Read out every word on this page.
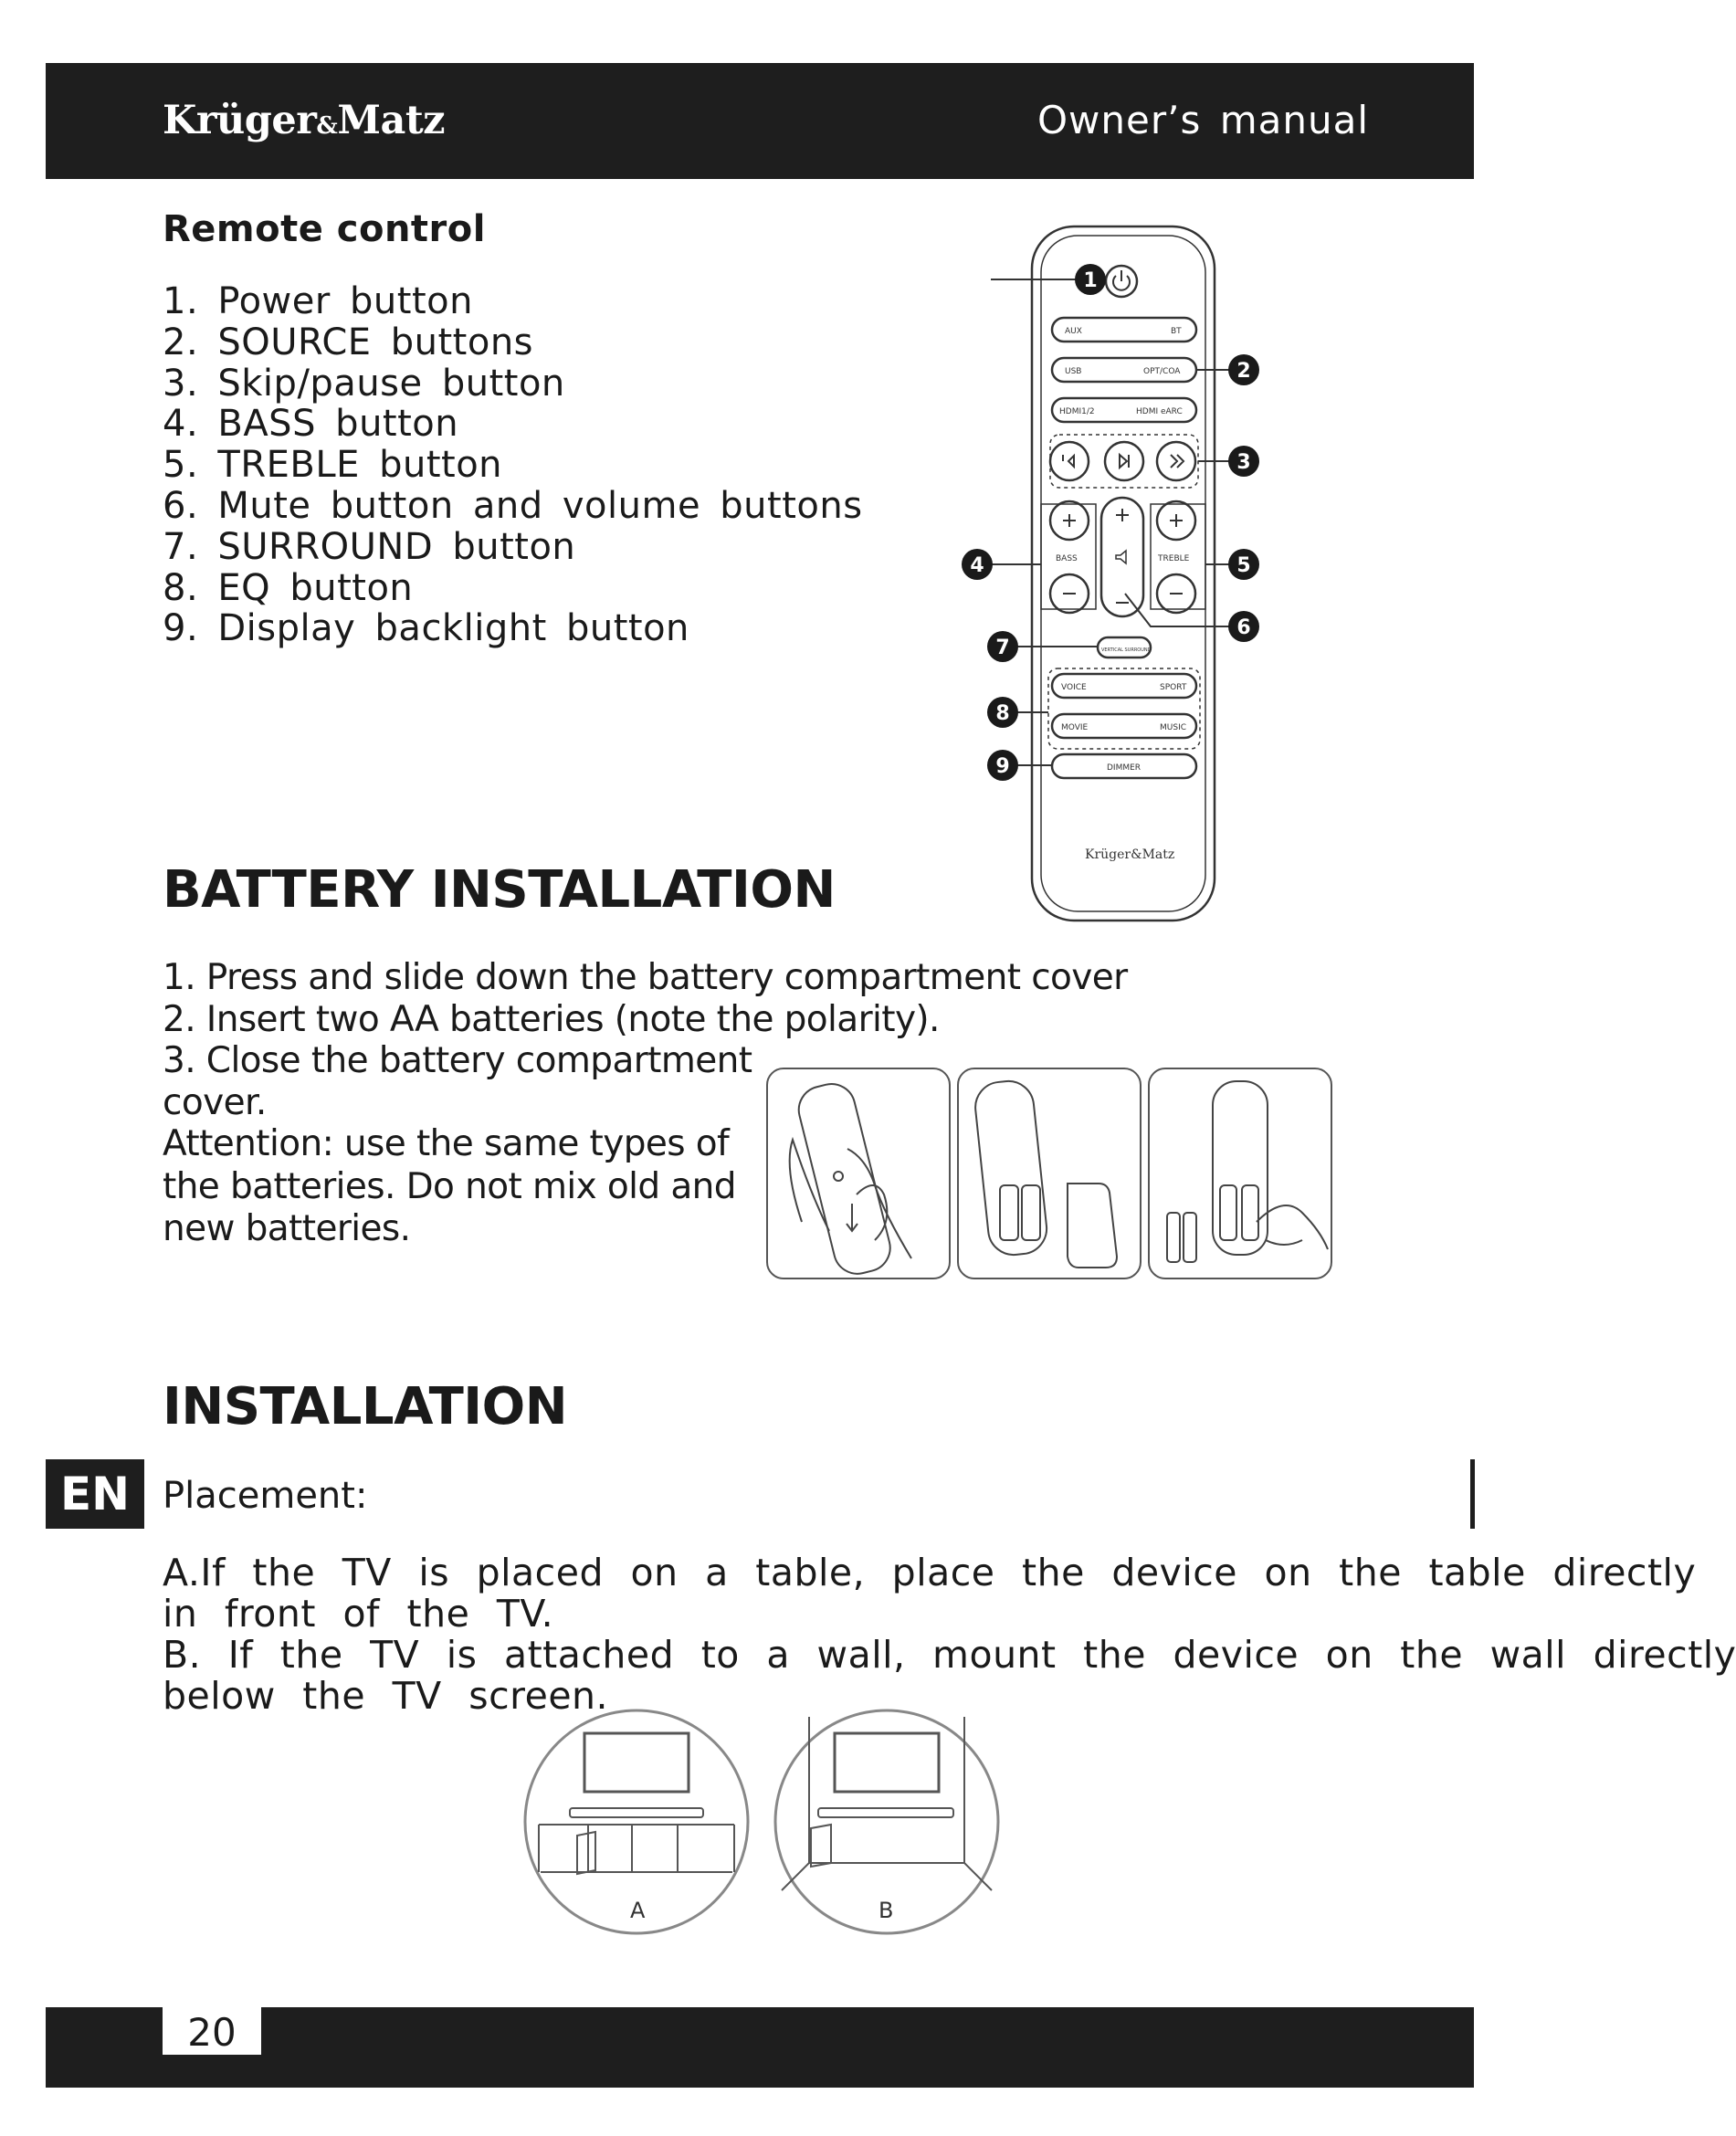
Krüger&Matz	Owner’s manual
Remote control
1. Power button
2. SOURCE buttons
3. Skip/pause button
4. BASS button
5. TREBLE button
6. Mute button and volume buttons
7. SURROUND button
8. EQ button
9. Display backlight button
1
2
3
4	5
6
7
8
9
AUX	BT
USB	OPT/COA
HDMI1/2	HDMI eARC
BASS	TREBLE
VOICE	SPORT
MOVIE	MUSIC
DIMMER
VERTICAL SURROUND
Krüger&Matz
BATTERY INSTALLATION
1. Press and slide down the battery compartment cover
2. Insert two AA batteries (note the polarity).
3. Close the battery compartment
cover.
Attention: use the same types of
the batteries. Do not mix old and
new batteries.
INSTALLATION
EN Placement:
A.If the TV is placed on a table, place the device on the table directly
in front of the TV.
B. If the TV is attached to a wall, mount the device on the wall directly
below the TV screen.
A	B
20
